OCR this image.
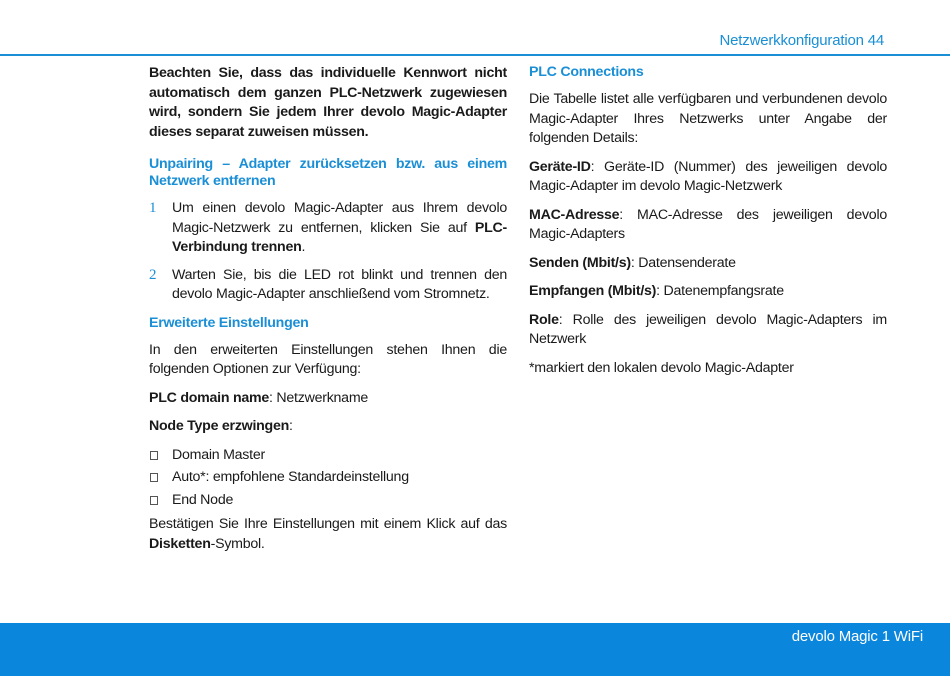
Netzwerkkonfiguration 44

Beachten Sie, dass das individuelle Kennwort nicht automatisch dem ganzen PLC-Netzwerk zugewiesen wird, sondern Sie jedem Ihrer devolo Magic-Adapter dieses separat zuweisen müssen.

Unpairing – Adapter zurücksetzen bzw. aus einem Netzwerk entfernen

1 Um einen devolo Magic-Adapter aus Ihrem devolo Magic-Netzwerk zu entfernen, klicken Sie auf PLC-Verbindung trennen.
2 Warten Sie, bis die LED rot blinkt und trennen den devolo Magic-Adapter anschließend vom Stromnetz.

Erweiterte Einstellungen

In den erweiterten Einstellungen stehen Ihnen die folgenden Optionen zur Verfügung:

PLC domain name: Netzwerkname

Node Type erzwingen:

Domain Master
Auto*: empfohlene Standardeinstellung
End Node

Bestätigen Sie Ihre Einstellungen mit einem Klick auf das Disketten-Symbol.

PLC Connections

Die Tabelle listet alle verfügbaren und verbundenen devolo Magic-Adapter Ihres Netzwerks unter Angabe der folgenden Details:

Geräte-ID: Geräte-ID (Nummer) des jeweiligen devolo Magic-Adapter im devolo Magic-Netzwerk

MAC-Adresse: MAC-Adresse des jeweiligen devolo Magic-Adapters

Senden (Mbit/s): Datensenderate

Empfangen (Mbit/s): Datenempfangsrate

Role: Rolle des jeweiligen devolo Magic-Adapters im Netzwerk

*markiert den lokalen devolo Magic-Adapter

devolo Magic 1 WiFi
